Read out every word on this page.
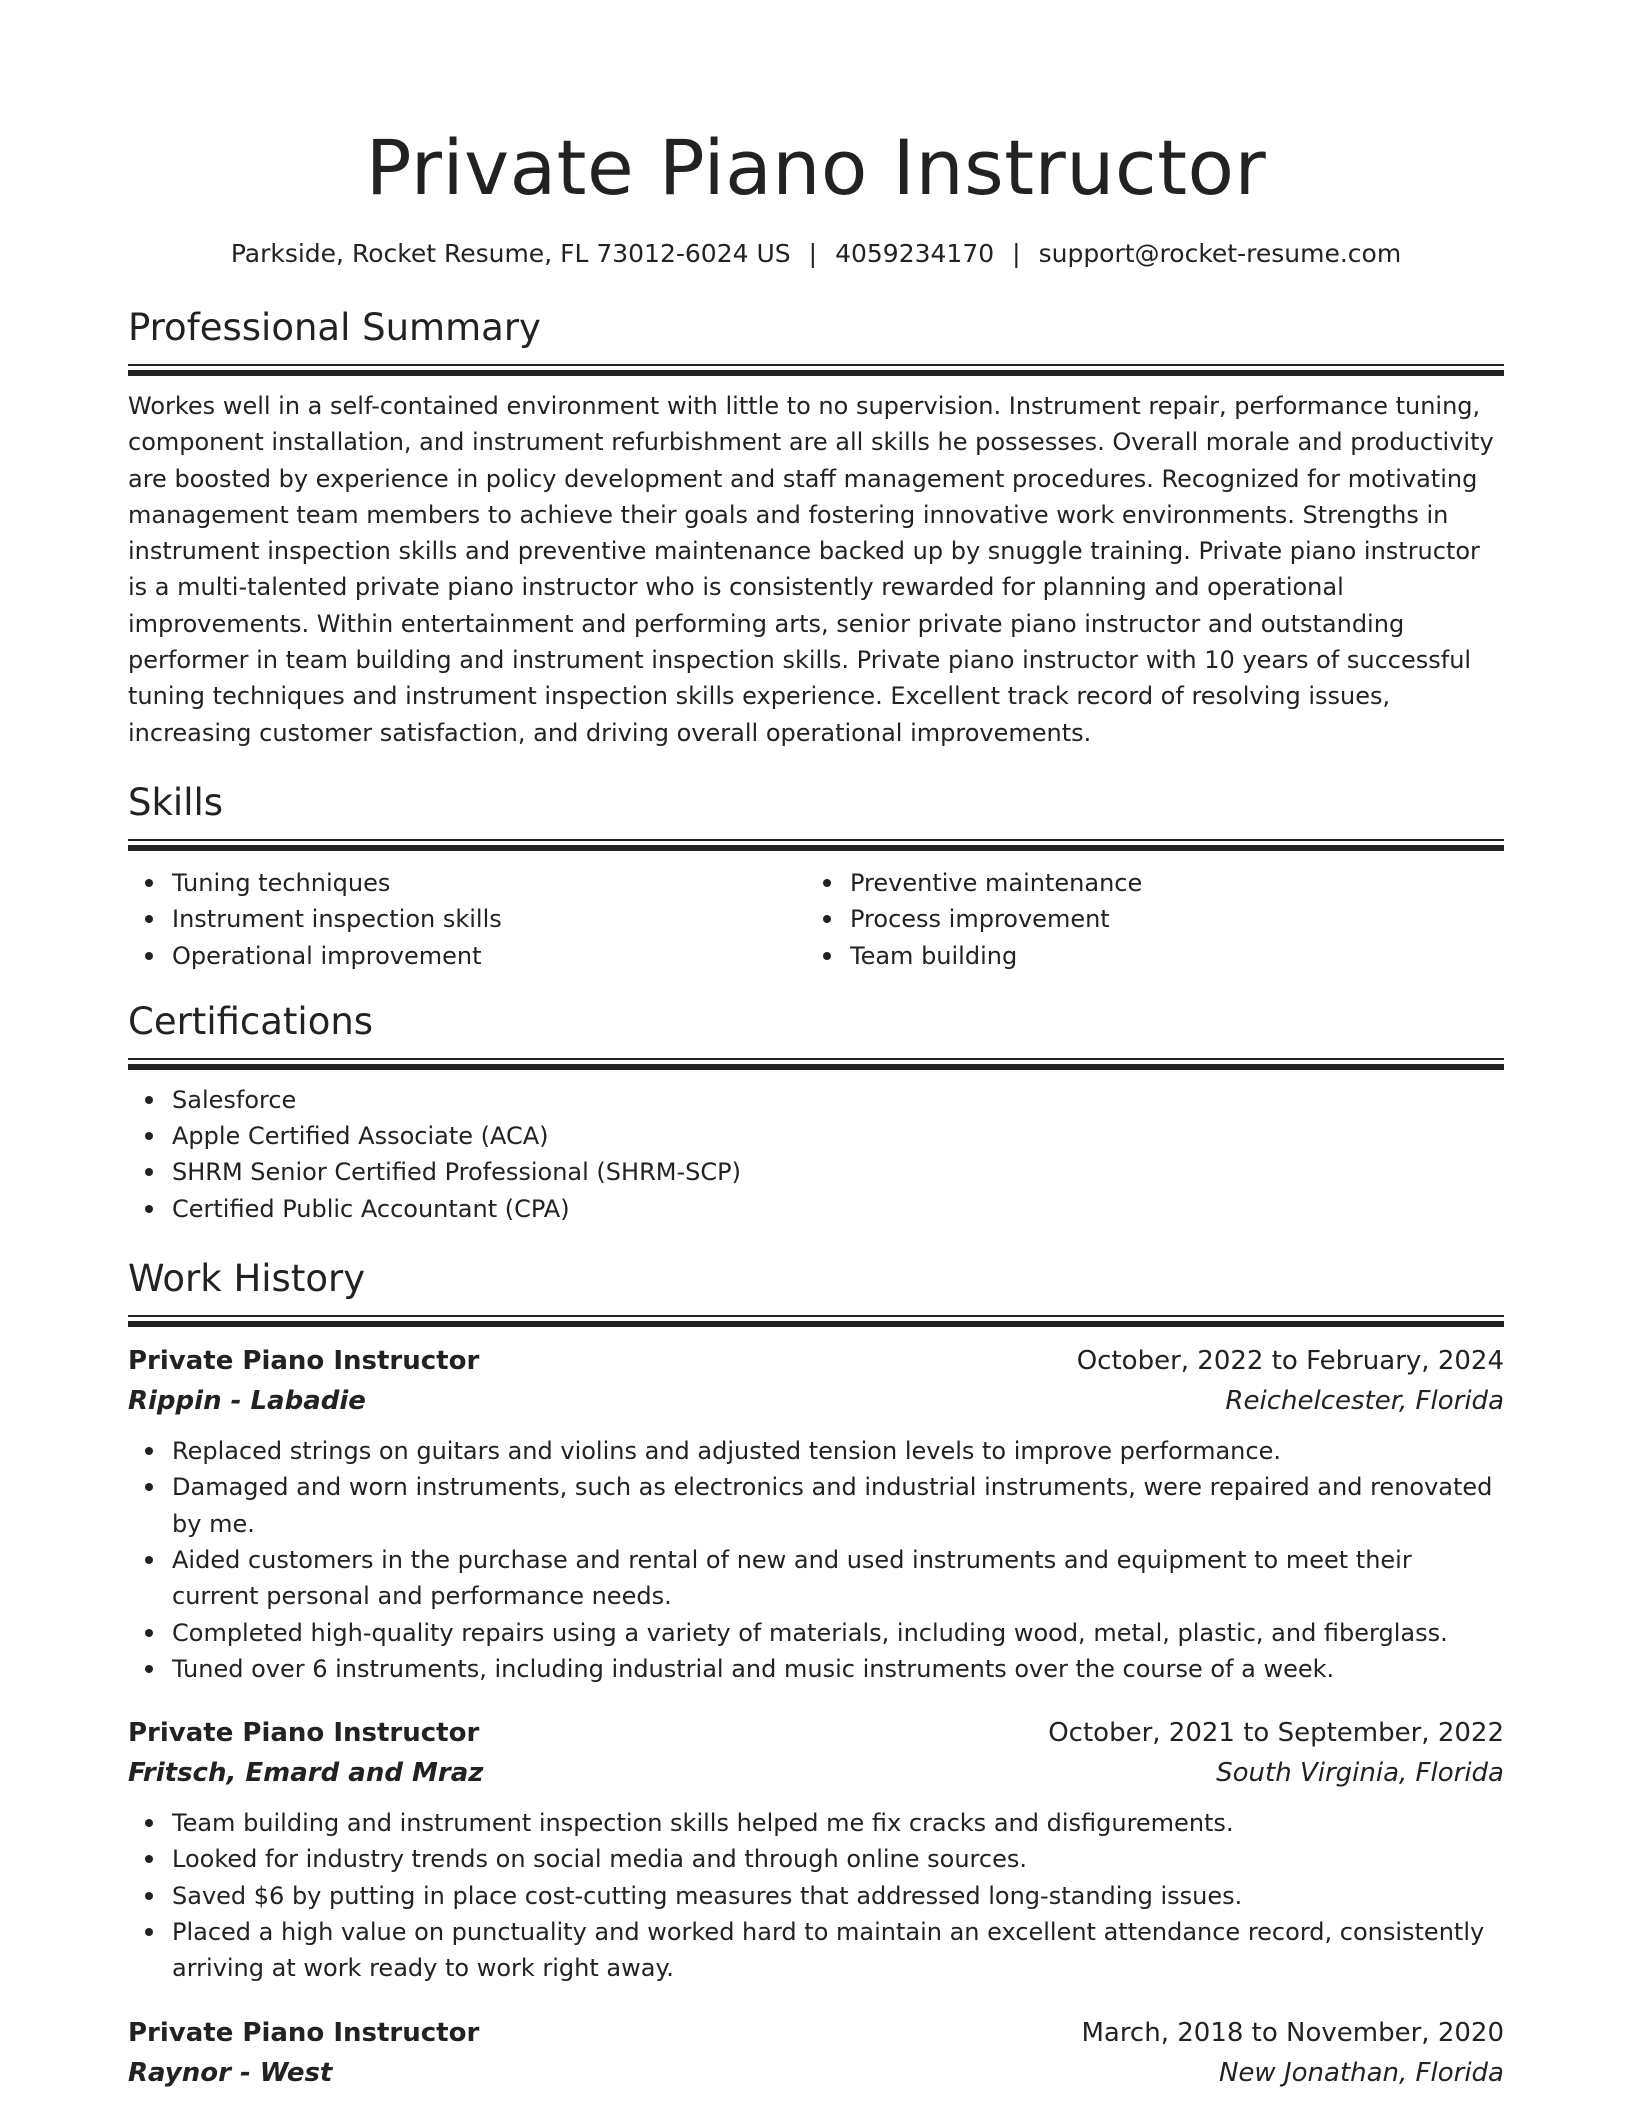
Private Piano Instructor
Parkside, Rocket Resume, FL 73012-6024 US | 4059234170 | support@rocket-resume.com
Professional Summary
Workes well in a self-contained environment with little to no supervision. Instrument repair, performance tuning, component installation, and instrument refurbishment are all skills he possesses. Overall morale and productivity are boosted by experience in policy development and staff management procedures. Recognized for motivating management team members to achieve their goals and fostering innovative work environments. Strengths in instrument inspection skills and preventive maintenance backed up by snuggle training. Private piano instructor is a multi-talented private piano instructor who is consistently rewarded for planning and operational improvements. Within entertainment and performing arts, senior private piano instructor and outstanding performer in team building and instrument inspection skills. Private piano instructor with 10 years of successful tuning techniques and instrument inspection skills experience. Excellent track record of resolving issues, increasing customer satisfaction, and driving overall operational improvements.
Skills
Tuning techniques
Instrument inspection skills
Operational improvement
Preventive maintenance
Process improvement
Team building
Certifications
Salesforce
Apple Certified Associate (ACA)
SHRM Senior Certified Professional (SHRM-SCP)
Certified Public Accountant (CPA)
Work History
Private Piano Instructor	October, 2022 to February, 2024
Rippin - Labadie	Reichelcester, Florida
Replaced strings on guitars and violins and adjusted tension levels to improve performance.
Damaged and worn instruments, such as electronics and industrial instruments, were repaired and renovated by me.
Aided customers in the purchase and rental of new and used instruments and equipment to meet their current personal and performance needs.
Completed high-quality repairs using a variety of materials, including wood, metal, plastic, and fiberglass.
Tuned over 6 instruments, including industrial and music instruments over the course of a week.
Private Piano Instructor	October, 2021 to September, 2022
Fritsch, Emard and Mraz	South Virginia, Florida
Team building and instrument inspection skills helped me fix cracks and disfigurements.
Looked for industry trends on social media and through online sources.
Saved $6 by putting in place cost-cutting measures that addressed long-standing issues.
Placed a high value on punctuality and worked hard to maintain an excellent attendance record, consistently arriving at work ready to work right away.
Private Piano Instructor	March, 2018 to November, 2020
Raynor - West	New Jonathan, Florida
